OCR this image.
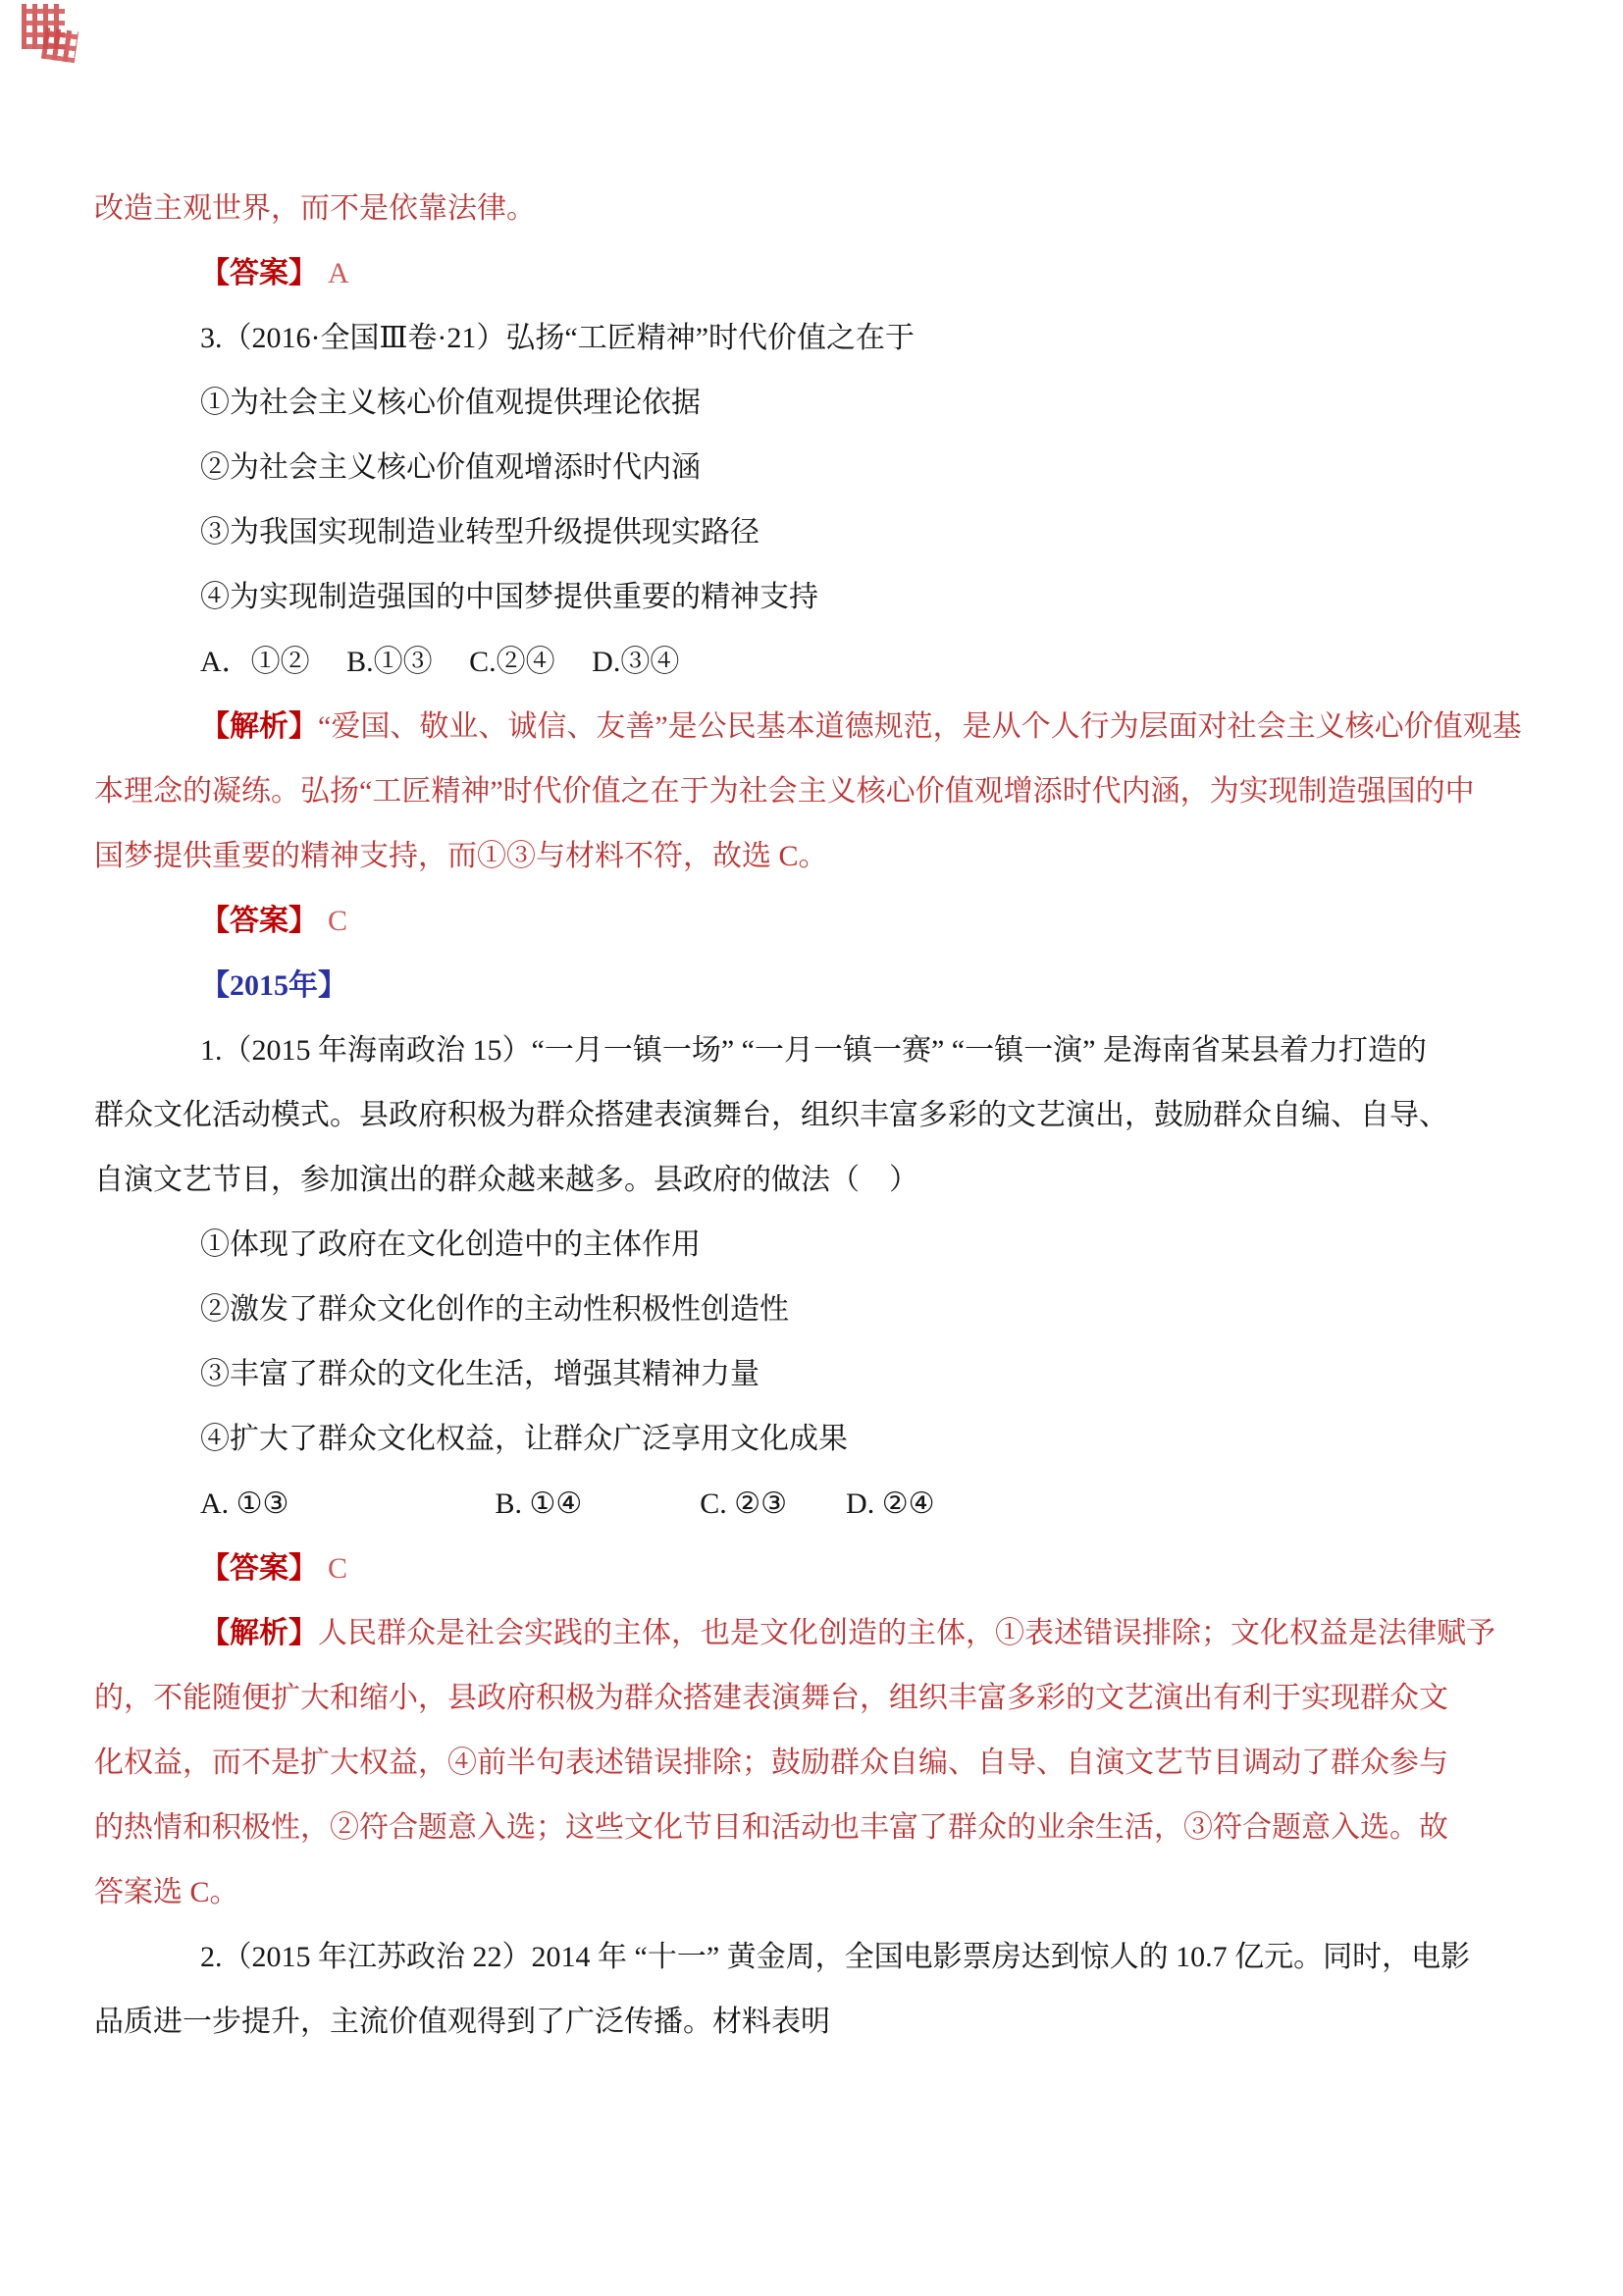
改造主观世界，而不是依靠法律。

【答案】 A

3.（2016·全国Ⅲ卷·21）弘扬“工匠精神”时代价值之在于

①为社会主义核心价值观提供理论依据

②为社会主义核心价值观增添时代内涵

③为我国实现制造业转型升级提供现实路径

④为实现制造强国的中国梦提供重要的精神支持

A．①②　 B.①③　 C.②④　 D.③④

【解析】“爱国、敬业、诚信、友善”是公民基本道德规范，是从个人行为层面对社会主义核心价值观基

本理念的凝练。弘扬“工匠精神”时代价值之在于为社会主义核心价值观增添时代内涵，为实现制造强国的中

国梦提供重要的精神支持，而①③与材料不符，故选 C。

【答案】 C

【2015年】

1.（2015 年海南政治 15）“一月一镇一场” “一月一镇一赛” “一镇一演” 是海南省某县着力打造的

群众文化活动模式。县政府积极为群众搭建表演舞台，组织丰富多彩的文艺演出，鼓励群众自编、自导、

自演文艺节目，参加演出的群众越来越多。县政府的做法（　）

①体现了政府在文化创造中的主体作用

②激发了群众文化创作的主动性积极性创造性

③丰富了群众的文化生活，增强其精神力量

④扩大了群众文化权益，让群众广泛享用文化成果

A. ①③　　　　　　　B. ①④　　　　C. ②③　　D. ②④

【答案】 C

【解析】人民群众是社会实践的主体，也是文化创造的主体，①表述错误排除；文化权益是法律赋予

的，不能随便扩大和缩小，县政府积极为群众搭建表演舞台，组织丰富多彩的文艺演出有利于实现群众文

化权益，而不是扩大权益，④前半句表述错误排除；鼓励群众自编、自导、自演文艺节目调动了群众参与

的热情和积极性，②符合题意入选；这些文化节目和活动也丰富了群众的业余生活，③符合题意入选。故

答案选 C。

2.（2015 年江苏政治 22）2014 年 “十一” 黄金周，全国电影票房达到惊人的 10.7 亿元。同时，电影

品质进一步提升，主流价值观得到了广泛传播。材料表明
